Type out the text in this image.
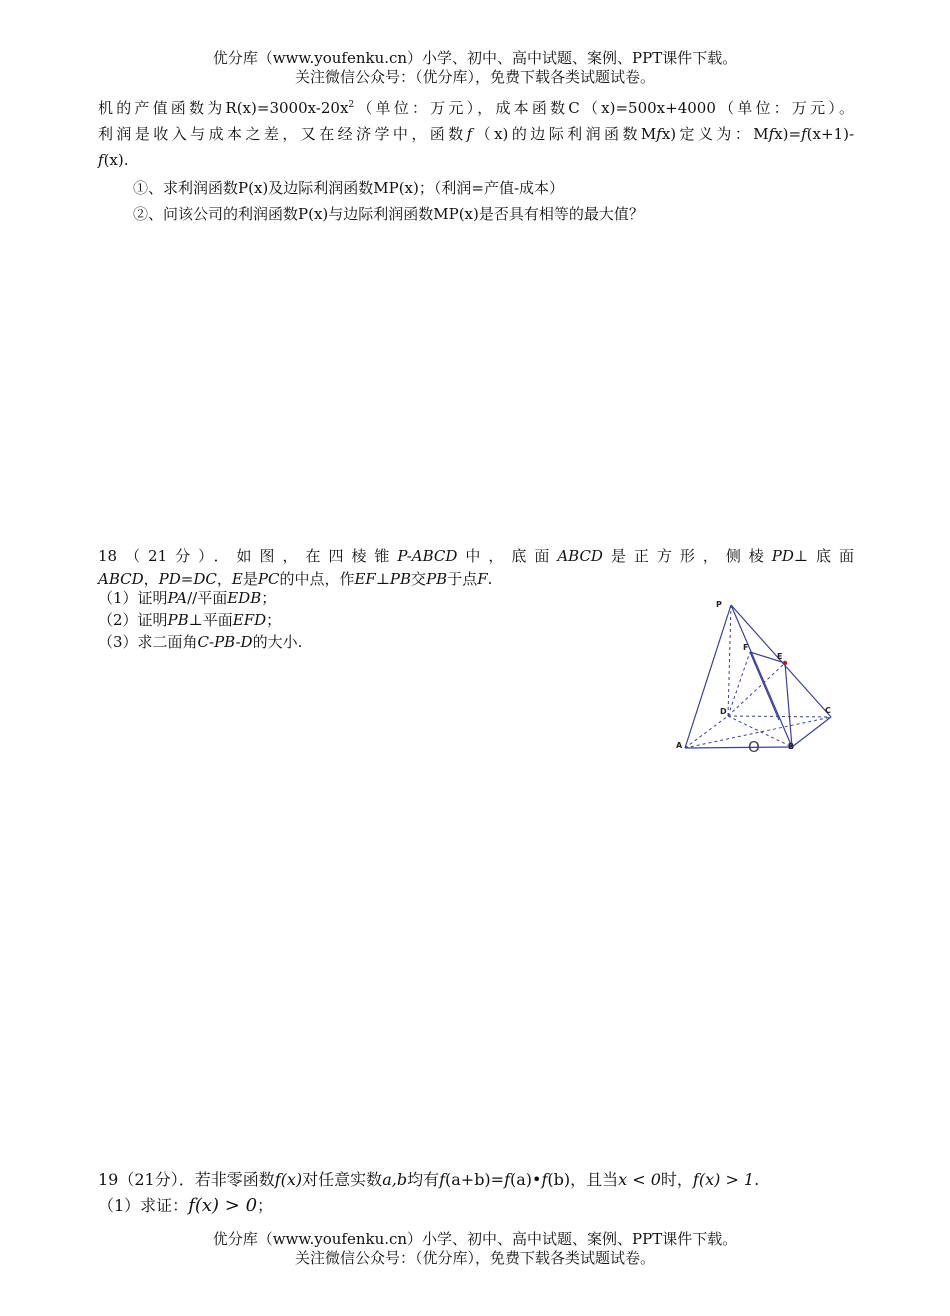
优分库（www.youfenku.cn）小学、初中、高中试题、案例、PPT课件下载。
关注微信公众号：（优分库），免费下载各类试题试卷。
机的产值函数为$R(x)=3000x-20x^2$（单位：万元），成本函数C（x)=500x+4000（单位：万元）。
利润是收入与成本之差，又在经济学中，函数f（x)的边际利润函数Mfx)定义为：Mfx)=f(x+1)-
f(x).
①、求利润函数P(x)及边际利润函数MP(x)；（利润=产值-成本）
②、问该公司的利润函数P(x)与边际利润函数MP(x)是否具有相等的最大值？
18（21分）．如图，在四棱锥P-ABCD中，底面ABCD是正方形，侧棱PD⊥底面
ABCD，PD=DC，E是PC的中点，作EF⊥PB交PB于点F.
（1）证明PA//平面EDB；
（2）证明PB⊥平面EFD；
（3）求二面角C-PB-D的大小.
P
F
E
D	C
A	B
O
19（21分）．若非零函数f(x)对任意实数a,b均有f(a+b)=f(a)•f(b)，且当x < 0时，f(x) > 1.
（1）求证：f(x) > 0；
优分库（www.youfenku.cn）小学、初中、高中试题、案例、PPT课件下载。
关注微信公众号：（优分库），免费下载各类试题试卷。
